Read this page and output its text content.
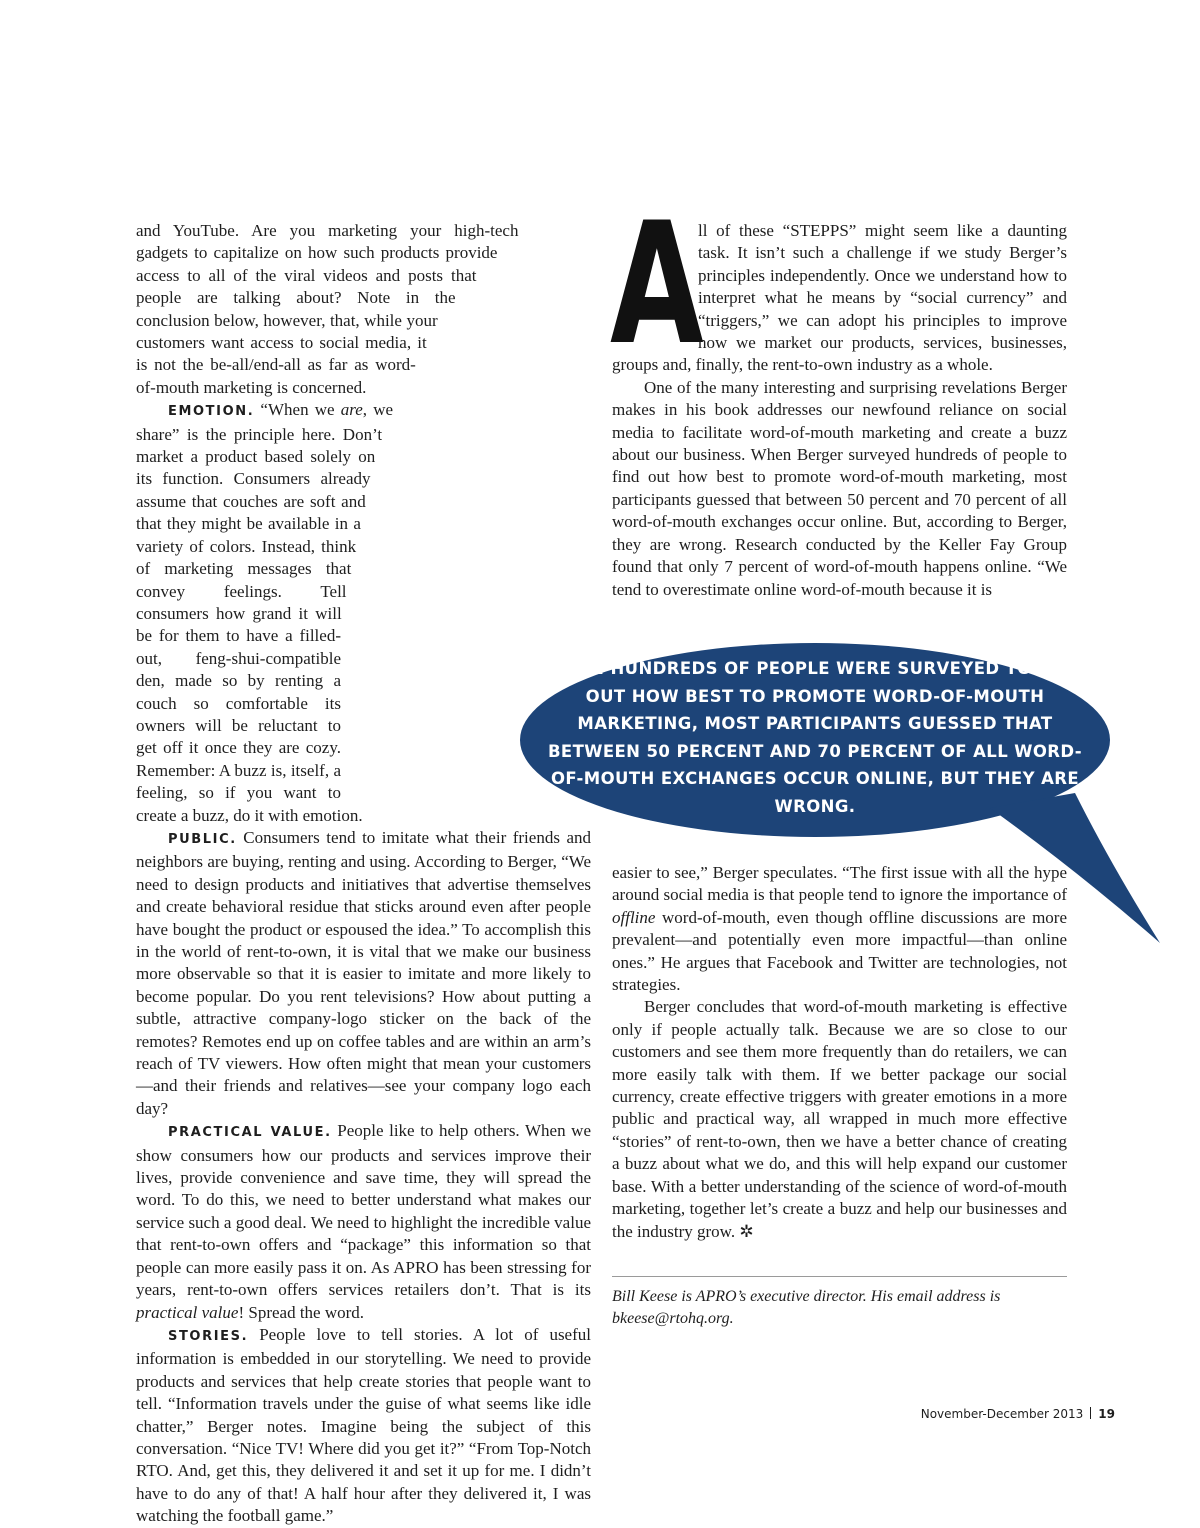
and YouTube. Are you marketing your high-tech gadgets to capitalize on how such products provide access to all of the viral videos and posts that people are talking about? Note in the conclusion below, however, that, while your customers want access to social media, it is not the be-all/end-all as far as word-of-mouth marketing is concerned.

EMOTION. “When we are, we share” is the principle here. Don’t market a product based solely on its function. Consumers already assume that couches are soft and that they might be available in a variety of colors. Instead, think of marketing messages that convey feelings. Tell consumers how grand it will be for them to have a filled-out, feng-shui-compatible den, made so by renting a couch so comfortable its owners will be reluctant to get off it once they are cozy. Remember: A buzz is, itself, a feeling, so if you want to create a buzz, do it with emotion.

PUBLIC. Consumers tend to imitate what their friends and neighbors are buying, renting and using. According to Berger, “We need to design products and initiatives that advertise themselves and create behavioral residue that sticks around even after people have bought the product or espoused the idea.” To accomplish this in the world of rent-to-own, it is vital that we make our business more observable so that it is easier to imitate and more likely to become popular. Do you rent televisions? How about putting a subtle, attractive company-logo sticker on the back of the remotes? Remotes end up on coffee tables and are within an arm’s reach of TV viewers. How often might that mean your customers—and their friends and relatives—see your company logo each day?

PRACTICAL VALUE. People like to help others. When we show consumers how our products and services improve their lives, provide convenience and save time, they will spread the word. To do this, we need to better understand what makes our service such a good deal. We need to highlight the incredible value that rent-to-own offers and “package” this information so that people can more easily pass it on. As APRO has been stressing for years, rent-to-own offers services retailers don’t. That is its practical value! Spread the word.

STORIES. People love to tell stories. A lot of useful information is embedded in our storytelling. We need to provide products and services that help create stories that people want to tell. “Information travels under the guise of what seems like idle chatter,” Berger notes. Imagine being the subject of this conversation. “Nice TV! Where did you get it?” “From Top-Notch RTO. And, get this, they delivered it and set it up for me. I didn’t have to do any of that! A half hour after they delivered it, I was watching the football game.”

A
ll of these “STEPPS” might seem like a daunting task. It isn’t such a challenge if we study Berger’s principles independently. Once we understand how to interpret what he means by “social currency” and “triggers,” we can adopt his principles to improve how we market our products, services, businesses, groups and, finally, the rent-to-own industry as a whole.

One of the many interesting and surprising revelations Berger makes in his book addresses our newfound reliance on social media to facilitate word-of-mouth marketing and create a buzz about our business. When Berger surveyed hundreds of people to find out how best to promote word-of-mouth marketing, most participants guessed that between 50 percent and 70 percent of all word-of-mouth exchanges occur online. But, according to Berger, they are wrong. Research conducted by the Keller Fay Group found that only 7 percent of word-of-mouth happens online. “We tend to overestimate online word-of-mouth because it is

easier to see,” Berger speculates. “The first issue with all the hype around social media is that people tend to ignore the importance of offline word-of-mouth, even though offline discussions are more prevalent—and potentially even more impactful—than online ones.” He argues that Facebook and Twitter are technologies, not strategies.

Berger concludes that word-of-mouth marketing is effective only if people actually talk. Because we are so close to our customers and see them more frequently than do retailers, we can more easily talk with them. If we better package our social currency, create effective triggers with greater emotions in a more public and practical way, all wrapped in much more effective “stories” of rent-to-own, then we have a better chance of creating a buzz about what we do, and this will help expand our customer base. With a better understanding of the science of word-of-mouth marketing, together let’s create a buzz and help our businesses and the industry grow. ✲

WHEN HUNDREDS OF PEOPLE WERE SURVEYED TO FIND OUT HOW BEST TO PROMOTE WORD-OF-MOUTH MARKETING, MOST PARTICIPANTS GUESSED THAT BETWEEN 50 PERCENT AND 70 PERCENT OF ALL WORD-OF-MOUTH EXCHANGES OCCUR ONLINE, BUT THEY ARE WRONG.
Bill Keese is APRO’s executive director. His email address is bkeese@rtohq.org.
November-December 2013 19
